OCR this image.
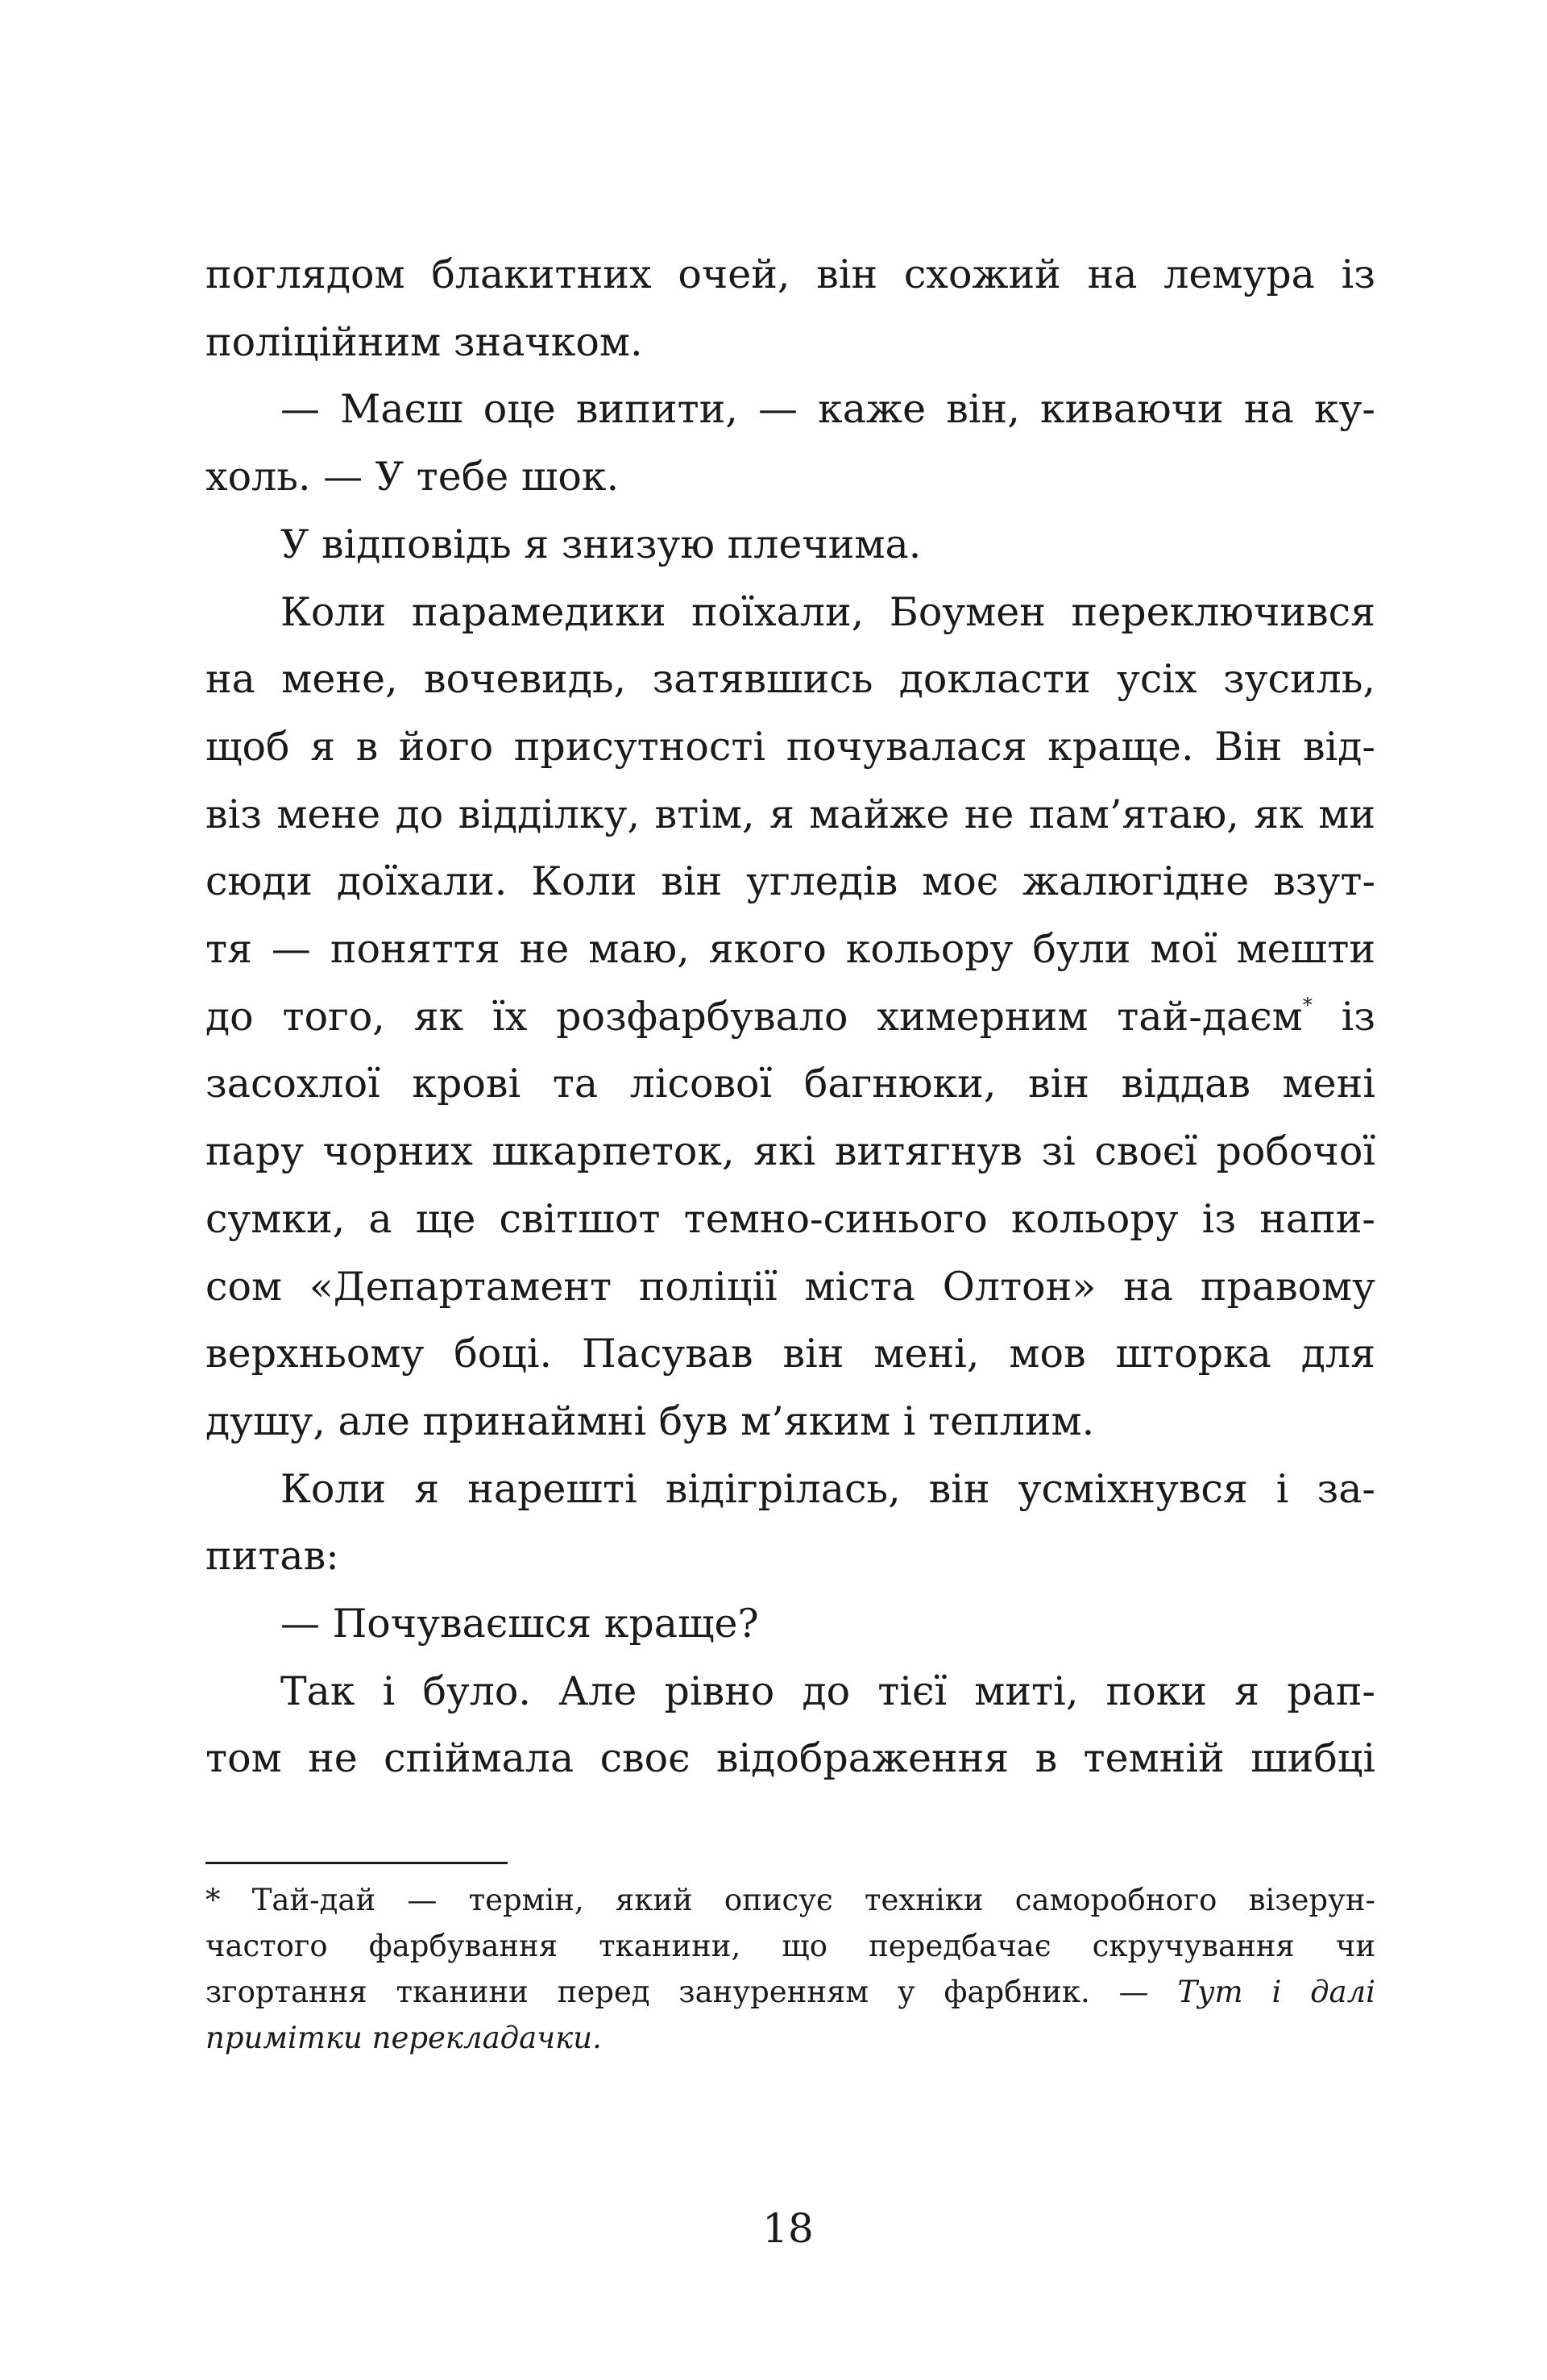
поглядом блакитних очей, він схожий на лемура із
поліційним значком.
— Маєш оце випити, — каже він, киваючи на ку-
холь. — У тебе шок.
У відповідь я знизую плечима.
Коли парамедики поїхали, Боумен переключився
на мене, вочевидь, затявшись докласти усіх зусиль,
щоб я в його присутності почувалася краще. Він від-
віз мене до відділку, втім, я майже не пам’ятаю, як ми
сюди доїхали. Коли він угледів моє жалюгідне взут-
тя — поняття не маю, якого кольору були мої мешти
до того, як їх розфарбувало химерним тай-даєм* із
засохлої крові та лісової багнюки, він віддав мені
пару чорних шкарпеток, які витягнув зі своєї робочої
сумки, а ще світшот темно-синього кольору із напи-
сом «Департамент поліції міста Олтон» на правому
верхньому боці. Пасував він мені, мов шторка для
душу, але принаймні був м’яким і теплим.
Коли я нарешті відігрілась, він усміхнувся і за-
питав:
— Почуваєшся краще?
Так і було. Але рівно до тієї миті, поки я рап-
том не спіймала своє відображення в темній шибці
* Тай-дай — термін, який описує техніки саморобного візерун-
частого фарбування тканини, що передбачає скручування чи
згортання тканини перед зануренням у фарбник. — Тут і далі
примітки перекладачки.
18
